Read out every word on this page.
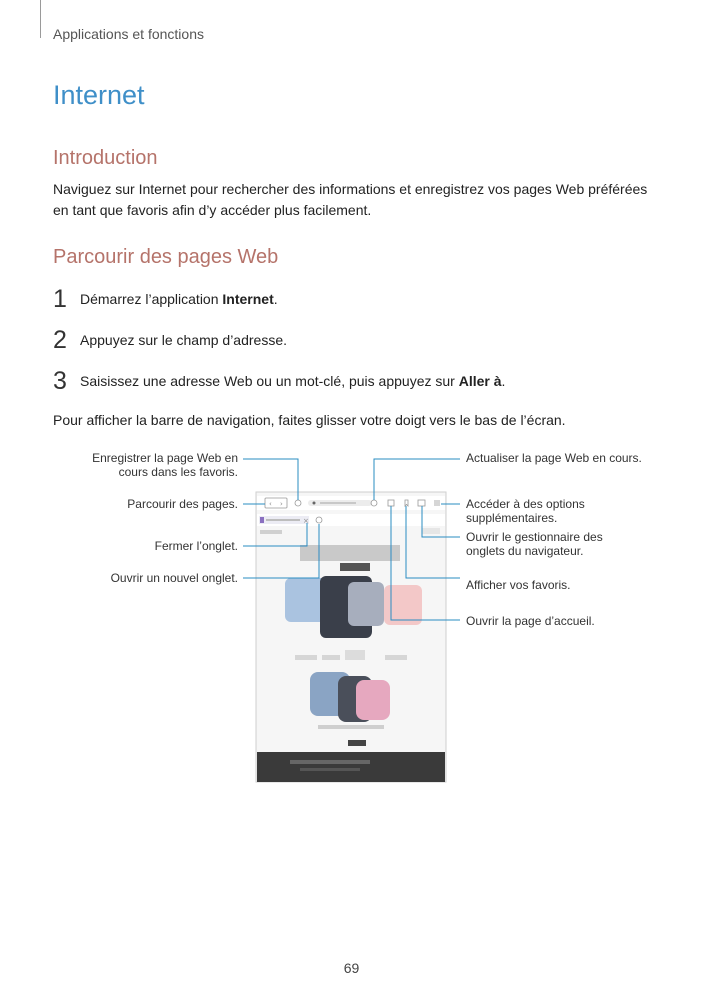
Applications et fonctions
Internet
Introduction
Naviguez sur Internet pour rechercher des informations et enregistrez vos pages Web préférées en tant que favoris afin d’y accéder plus facilement.
Parcourir des pages Web
1 Démarrez l’application Internet.
2 Appuyez sur le champ d’adresse.
3 Saisissez une adresse Web ou un mot-clé, puis appuyez sur Aller à.
Pour afficher la barre de navigation, faites glisser votre doigt vers le bas de l’écran.
‹ ›
×
Enregistrer la page Web en cours dans les favoris.
Parcourir des pages.
Fermer l’onglet.
Ouvrir un nouvel onglet.
Actualiser la page Web en cours.
Accéder à des options supplémentaires.
Ouvrir le gestionnaire des onglets du navigateur.
Afficher vos favoris.
Ouvrir la page d’accueil.
69
